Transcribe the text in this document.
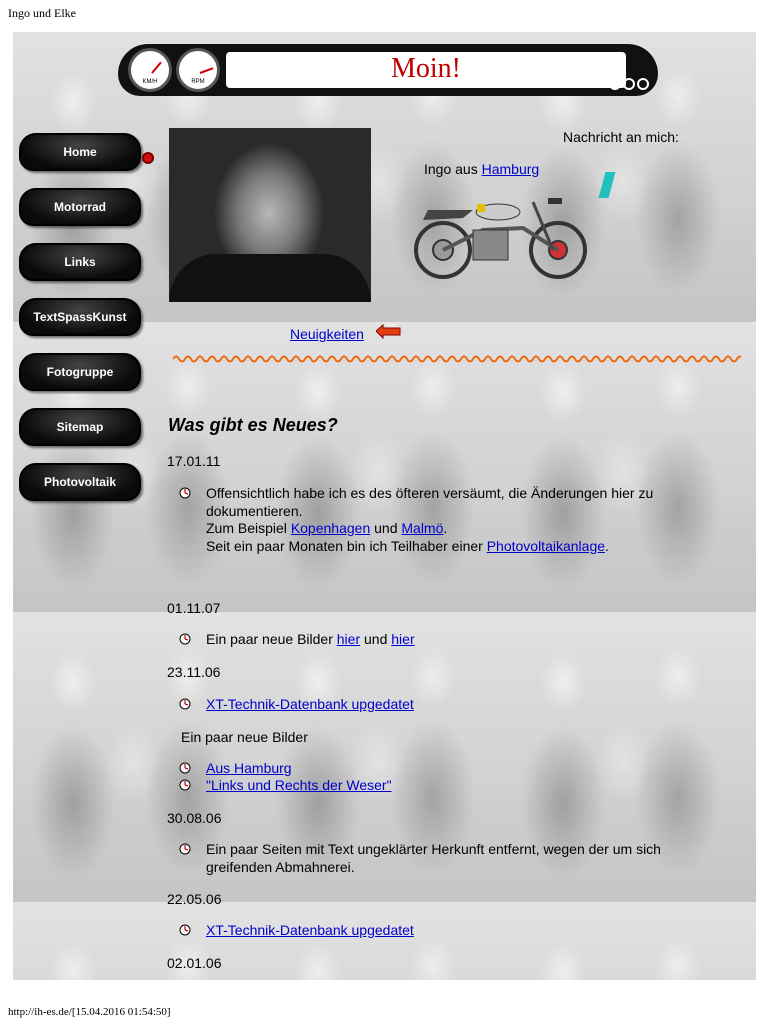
Ingo und Elke
KM/H	RPM	Moin!
Home
Motorrad
Links
TextSpassKunst
Fotogruppe
Sitemap
Photovoltaik
Nachricht an mich:
Ingo aus Hamburg
Neuigkeiten	Neu
Was gibt es Neues?
17.01.11
Offensichtlich habe ich es des öfteren versäumt, die Änderungen hier zu
dokumentieren.
Zum Beispiel Kopenhagen und Malmö.
Seit ein paar Monaten bin ich Teilhaber einer Photovoltaikanlage.
01.11.07
Ein paar neue Bilder hier und hier
23.11.06
XT-Technik-Datenbank upgedatet
Ein paar neue Bilder
Aus Hamburg
"Links und Rechts der Weser"
30.08.06
Ein paar Seiten mit Text ungeklärter Herkunft entfernt, wegen der um sich
greifenden Abmahnerei.
22.05.06
XT-Technik-Datenbank upgedatet
02.01.06
http://ih-es.de/[15.04.2016 01:54:50]
